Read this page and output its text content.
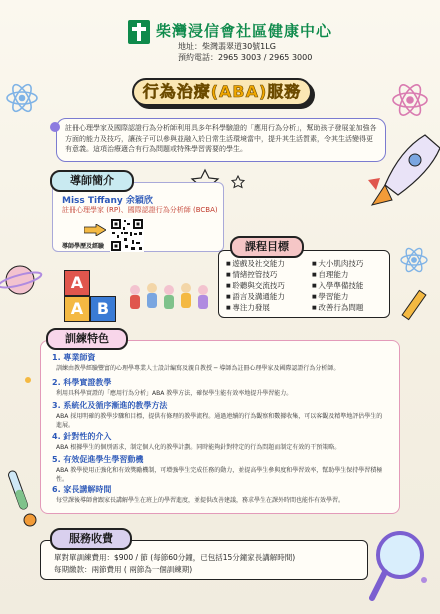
柴灣浸信會社區健康中心
地址：柴灣翡翠道30號1LG
預約電話：2965 3003 / 2965 3000
行為治療(ABA)服務
註冊心理學家及國際認證行為分析師利用具多年科學驗證的「應用行為分析」，幫助孩子發展並加強各方面的能力及技巧，讓孩子可以參與並融入於日常生活環境當中，提升其生活質素，令其生活變得更有意義。這項治療適合有行為問題或特殊學習需要的學生。
導師簡介
Miss Tiffany 余穎欣
註冊心理學家 (RP)、國際認證行為分析師 (BCBA)
導師學歷及經驗
A
B
A
課程目標
■ 遊戲及社交能力
■ 情緒控管技巧
■ 聆聽與交流技巧
■ 語言及溝通能力
■ 專注力發展
■ 大小肌肉技巧
■ 自理能力
■ 入學準備技能
■ 學習能力
■ 改善行為問題
訓練特色
1. 專業師資
訓練由教學經驗豐富的心理學專業人士設計編寫及親自教授 ─ 導師為註冊心理學家及國際認證行為分析師。
2. 科學實證教學
利用具科學實證的「應用行為分析」ABA 教學方法，確保學生能有效率地提升學習能力。
3. 系統化及循序漸進的教學方法
ABA 採用明確的教學步驟和目標，提供有條理的教學流程。通過連續的行為觀察和數據收集，可以客觀及精準地評估學生的進展。
4. 針對性的介入
ABA 根據學生的個別需求，制定個人化的教學計劃。同時能夠針對特定的行為問題而制定有效的干預策略。
5. 有效促進學生學習動機
ABA 教學使用正強化和有效獎勵機制，可增強學生完成任務的動力，並提高學生參與度和學習效率，幫助學生保持學習積極性。
6. 家長講解時間
每堂課後導師會跟家長講解學生在班上的學習進度，並提供改善建議，務求學生在課外時間也能作有效學習。
服務收費
單對單訓練費用：$900 / 節 (每節60分鐘，已包括15分鐘家長講解時間)
每期繳款：兩節費用 ( 兩節為一個訓練期)
